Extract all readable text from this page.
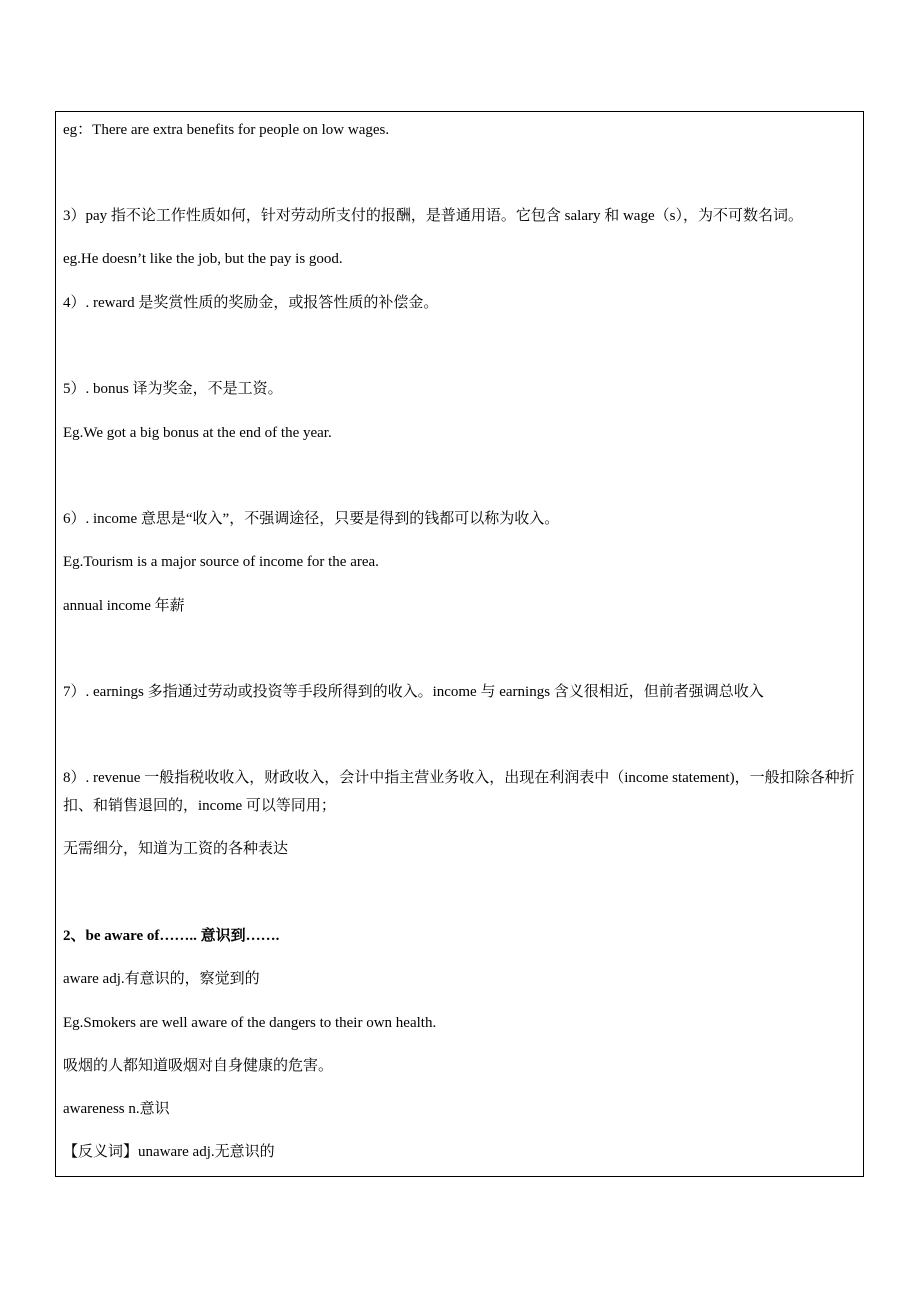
eg：There are extra benefits for people on low wages.
3）pay 指不论工作性质如何，针对劳动所支付的报酬，是普通用语。它包含 salary 和 wage（s），为不可数名词。
eg.He doesn’t like the job, but the pay is good.
4）. reward 是奖赏性质的奖励金，或报答性质的补偿金。
5）. bonus 译为奖金，不是工资。
Eg.We got a big bonus at the end of the year.
6）. income 意思是“收入”，不强调途径，只要是得到的钱都可以称为收入。
Eg.Tourism is a major source of income for the area.
annual income 年薪
7）. earnings 多指通过劳动或投资等手段所得到的收入。income 与 earnings 含义很相近，但前者强调总收入
8）. revenue 一般指税收收入，财政收入，会计中指主营业务收入，出现在利润表中（income statement)，一般扣除各种折扣、和销售退回的，income 可以等同用；
无需细分，知道为工资的各种表达
2、be aware of…….. 意识到…….
aware adj.有意识的，察觉到的
Eg.Smokers are well aware of the dangers to their own health.
吸烟的人都知道吸烟对自身健康的危害。
awareness n.意识
【反义词】unaware adj.无意识的
